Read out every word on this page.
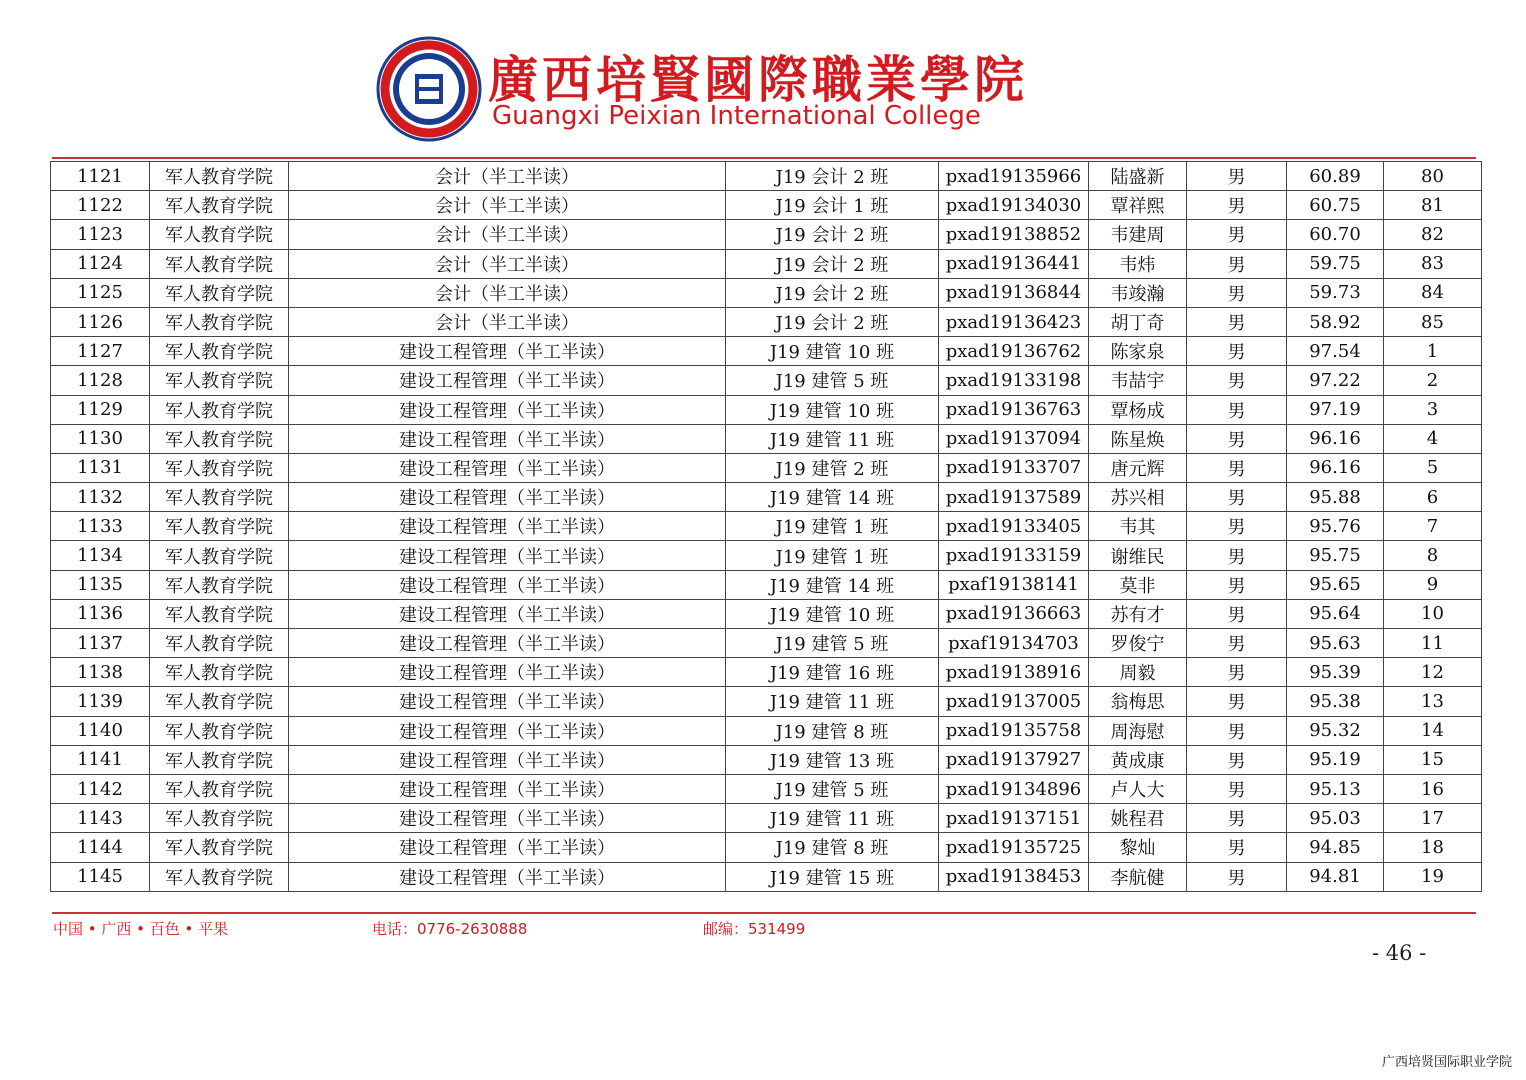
廣西培賢國際職業學院
Guangxi Peixian International College
1121	军人教育学院	会计（半工半读）	J19 会计 2 班	pxad19135966	陆盛新	男	60.89	80
1122	军人教育学院	会计（半工半读）	J19 会计 1 班	pxad19134030	覃祥熙	男	60.75	81
1123	军人教育学院	会计（半工半读）	J19 会计 2 班	pxad19138852	韦建周	男	60.70	82
1124	军人教育学院	会计（半工半读）	J19 会计 2 班	pxad19136441	韦炜	男	59.75	83
1125	军人教育学院	会计（半工半读）	J19 会计 2 班	pxad19136844	韦竣瀚	男	59.73	84
1126	军人教育学院	会计（半工半读）	J19 会计 2 班	pxad19136423	胡丁奇	男	58.92	85
1127	军人教育学院	建设工程管理（半工半读）	J19 建管 10 班	pxad19136762	陈家泉	男	97.54	1
1128	军人教育学院	建设工程管理（半工半读）	J19 建管 5 班	pxad19133198	韦喆宇	男	97.22	2
1129	军人教育学院	建设工程管理（半工半读）	J19 建管 10 班	pxad19136763	覃杨成	男	97.19	3
1130	军人教育学院	建设工程管理（半工半读）	J19 建管 11 班	pxad19137094	陈星焕	男	96.16	4
1131	军人教育学院	建设工程管理（半工半读）	J19 建管 2 班	pxad19133707	唐元辉	男	96.16	5
1132	军人教育学院	建设工程管理（半工半读）	J19 建管 14 班	pxad19137589	苏兴相	男	95.88	6
1133	军人教育学院	建设工程管理（半工半读）	J19 建管 1 班	pxad19133405	韦其	男	95.76	7
1134	军人教育学院	建设工程管理（半工半读）	J19 建管 1 班	pxad19133159	谢维民	男	95.75	8
1135	军人教育学院	建设工程管理（半工半读）	J19 建管 14 班	pxaf19138141	莫非	男	95.65	9
1136	军人教育学院	建设工程管理（半工半读）	J19 建管 10 班	pxad19136663	苏有才	男	95.64	10
1137	军人教育学院	建设工程管理（半工半读）	J19 建管 5 班	pxaf19134703	罗俊宁	男	95.63	11
1138	军人教育学院	建设工程管理（半工半读）	J19 建管 16 班	pxad19138916	周毅	男	95.39	12
1139	军人教育学院	建设工程管理（半工半读）	J19 建管 11 班	pxad19137005	翁梅思	男	95.38	13
1140	军人教育学院	建设工程管理（半工半读）	J19 建管 8 班	pxad19135758	周海慰	男	95.32	14
1141	军人教育学院	建设工程管理（半工半读）	J19 建管 13 班	pxad19137927	黄成康	男	95.19	15
1142	军人教育学院	建设工程管理（半工半读）	J19 建管 5 班	pxad19134896	卢人大	男	95.13	16
1143	军人教育学院	建设工程管理（半工半读）	J19 建管 11 班	pxad19137151	姚程君	男	95.03	17
1144	军人教育学院	建设工程管理（半工半读）	J19 建管 8 班	pxad19135725	黎灿	男	94.85	18
1145	军人教育学院	建设工程管理（半工半读）	J19 建管 15 班	pxad19138453	李航健	男	94.81	19
中国 • 广西 • 百色 • 平果	电话：0776-2630888	邮编：531499
- 46 -
广西培贤国际职业学院
